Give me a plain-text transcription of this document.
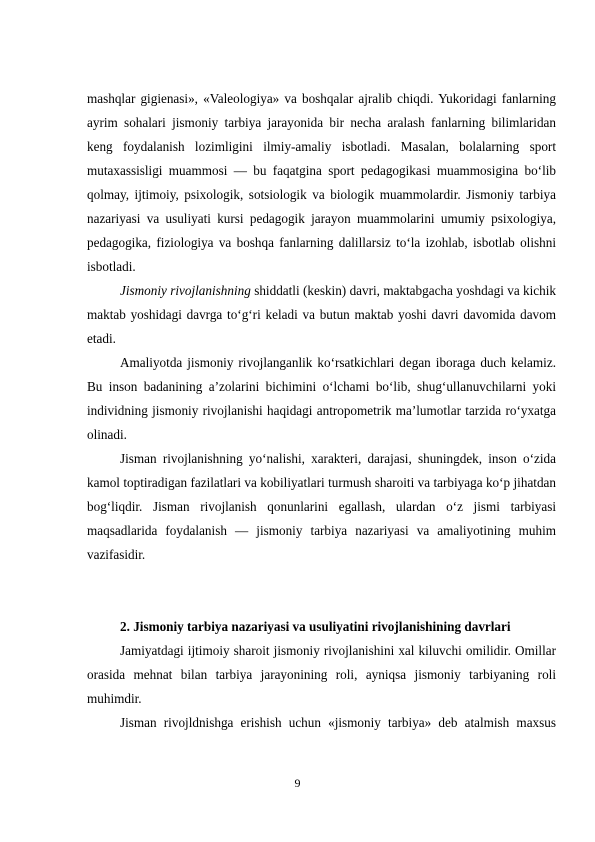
mashqlar gigienasi», «Valeologiya» va boshqalar ajralib chiqdi. Yukoridagi fanlarning ayrim sohalari jismoniy tarbiya jarayonida bir necha aralash fanlarning bilimlaridan keng foydalanish lozimligini ilmiy-amaliy isbotladi. Masalan, bolalarning sport mutaxassisligi muammosi — bu faqatgina sport pedagogikasi muammosigina bo‘lib qolmay, ijtimoiy, psixologik, sotsiologik va biologik muammolardir. Jismoniy tarbiya nazariyasi va usuliyati kursi pedagogik jarayon muammolarini umumiy psixologiya, pedagogika, fiziologiya va boshqa fanlarning dalillarsiz to‘la izohlab, isbotlab olishni isbotladi.

Jismoniy rivojlanishning shiddatli (keskin) davri, maktabgacha yoshdagi va kichik maktab yoshidagi davrga to‘g‘ri keladi va butun maktab yoshi davri davomida davom etadi.

Amaliyotda jismoniy rivojlanganlik ko‘rsatkichlari degan iboraga duch kelamiz. Bu inson badanining a’zolarini bichimini o‘lchami bo‘lib, shug‘ullanuvchilarni yoki individning jismoniy rivojlanishi haqidagi antropometrik ma’lumotlar tarzida ro‘yxatga olinadi.

Jisman rivojlanishning yo‘nalishi, xarakteri, darajasi, shuningdek, inson o‘zida kamol toptiradigan fazilatlari va kobiliyatlari turmush sharoiti va tarbiyaga ko‘p jihatdan bog‘liqdir. Jisman rivojlanish qonunlarini egallash, ulardan o‘z jismi tarbiyasi maqsadlarida foydalanish — jismoniy tarbiya nazariyasi va amaliyotining muhim vazifasidir.

2. Jismoniy tarbiya nazariyasi va usuliyatini rivojlanishining davrlari

Jamiyatdagi ijtimoiy sharoit jismoniy rivojlanishini xal kiluvchi omilidir. Omillar orasida mehnat bilan tarbiya jarayonining roli, ayniqsa jismoniy tarbiyaning roli muhimdir.

Jisman rivojldnishga erishish uchun «jismoniy tarbiya» deb atalmish maxsus

9
